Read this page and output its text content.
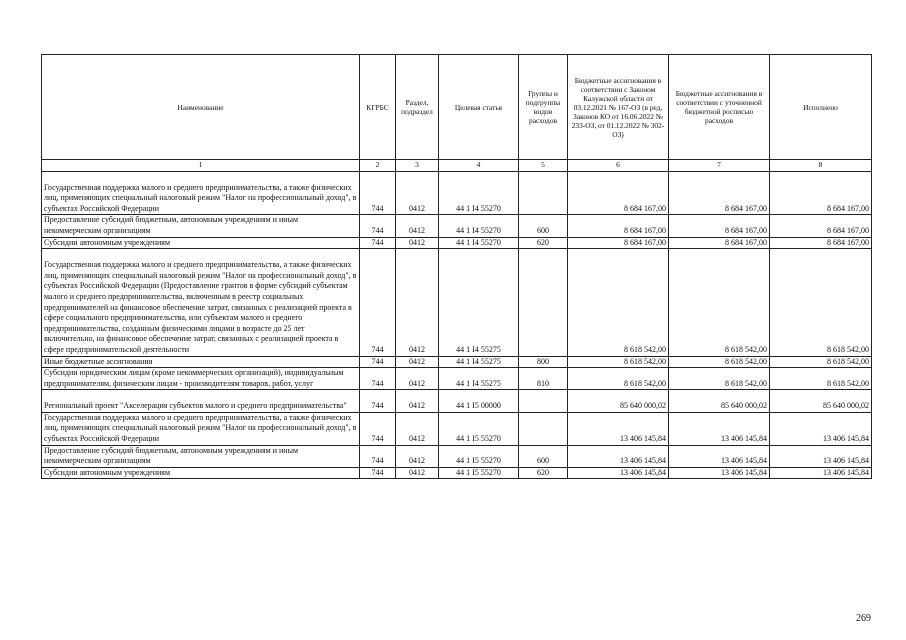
Наименование	КГРБС	Раздел, подраздел	Целевая статья	Группы и подгруппы видов расходов	Бюджетные ассигнования в соответствии с Законом Калужской области от 03.12.2021 № 167-ОЗ (в ред. Законов КО от 16.06.2022 № 233-ОЗ, от 01.12.2022 № 302-ОЗ)	Бюджетные ассигнования в соответствии с уточненной бюджетной росписью расходов	Исполнено
1	2	3	4	5	6	7	8
Государственная поддержка малого и среднего предпринимательства, а также физических лиц, применяющих специальный налоговый режим "Налог на профессиональный доход", в субъектах Российской Федерации	744	0412	44 1 I4 55270		8 684 167,00	8 684 167,00	8 684 167,00
Предоставление субсидий бюджетным, автономным учреждениям и иным некоммерческим организациям	744	0412	44 1 I4 55270	600	8 684 167,00	8 684 167,00	8 684 167,00
Субсидии автономным учреждениям	744	0412	44 1 I4 55270	620	8 684 167,00	8 684 167,00	8 684 167,00
Государственная поддержка малого и среднего предпринимательства, а также физических лиц, применяющих специальный налоговый режим "Налог на профессиональный доход", в субъектах Российской Федерации (Предоставление грантов в форме субсидий субъектам малого и среднего предпринимательства, включенным в реестр социальных предпринимателей на финансовое обеспечение затрат, связанных с реализацией проекта в сфере социального предпринимательства, или субъектам малого и среднего предпринимательства, созданным физическими лицами в возрасте до 25 лет включительно, на финансовое обеспечение затрат, связанных с реализацией проекта в сфере предпринимательской деятельности	744	0412	44 1 I4 55275		8 618 542,00	8 618 542,00	8 618 542,00
Иные бюджетные ассигнования	744	0412	44 1 I4 55275	800	8 618 542,00	8 618 542,00	8 618 542,00
Субсидии юридическим лицам (кроме некоммерческих организаций), индивидуальным предпринимателям, физическим лицам - производителям товаров, работ, услуг	744	0412	44 1 I4 55275	810	8 618 542,00	8 618 542,00	8 618 542,00
Региональный проект "Акселерация субъектов малого и среднего предпринимательства"	744	0412	44 1 I5 00000		85 640 000,02	85 640 000,02	85 640 000,02
Государственная поддержка малого и среднего предпринимательства, а также физических лиц, применяющих специальный налоговый режим "Налог на профессиональный доход", в субъектах Российской Федерации	744	0412	44 1 I5 55270		13 406 145,84	13 406 145,84	13 406 145,84
Предоставление субсидий бюджетным, автономным учреждениям и иным некоммерческим организациям	744	0412	44 1 I5 55270	600	13 406 145,84	13 406 145,84	13 406 145,84
Субсидии автономным учреждениям	744	0412	44 1 I5 55270	620	13 406 145,84	13 406 145,84	13 406 145,84
269
